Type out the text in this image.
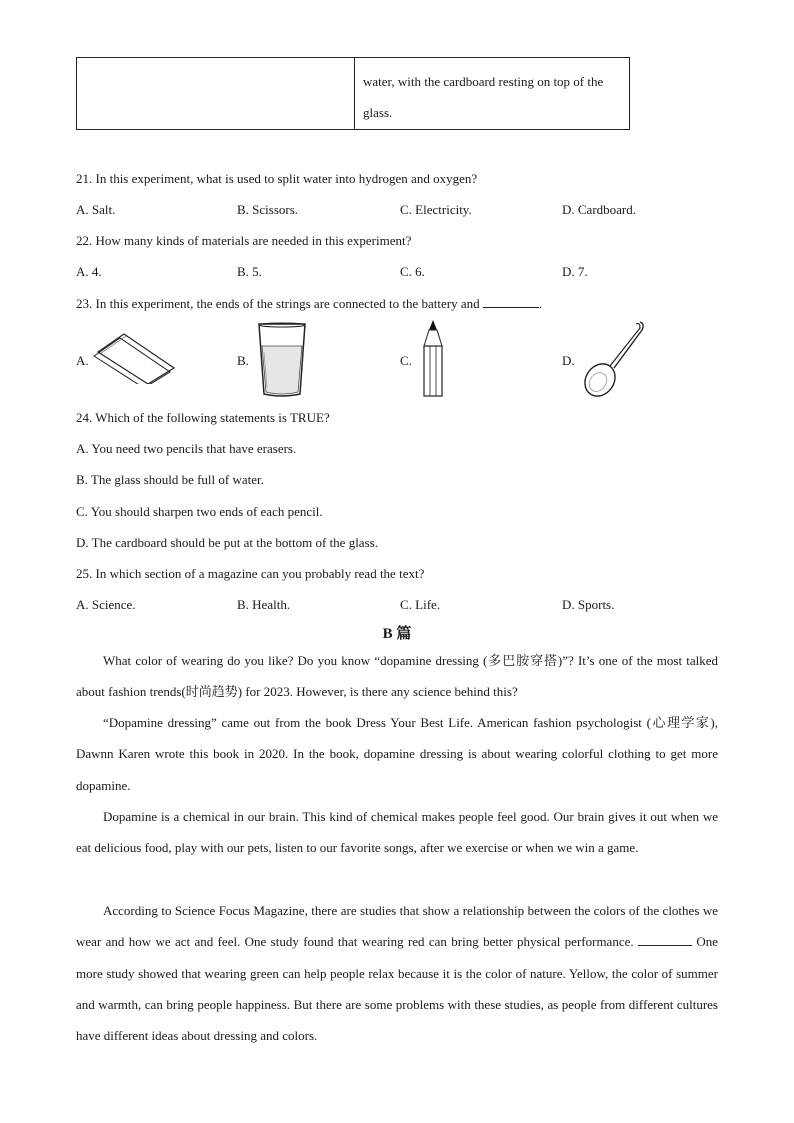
	water, with the cardboard resting on top of the glass.
21. In this experiment, what is used to split water into hydrogen and oxygen?
A. Salt.	B. Scissors.	C. Electricity.	D. Cardboard.
22. How many kinds of materials are needed in this experiment?
A. 4.	B. 5.	C. 6.	D. 7.
23. In this experiment, the ends of the strings are connected to the battery and	.
A.	B.	C.	D.
24. Which of the following statements is TRUE?
A. You need two pencils that have erasers.
B. The glass should be full of water.
C. You should sharpen two ends of each pencil.
D. The cardboard should be put at the bottom of the glass.
25. In which section of a magazine can you probably read the text?
A. Science.	B. Health.	C. Life.	D. Sports.
B 篇
What color of wearing do you like? Do you know “dopamine dressing (多巴胺穿搭)”? It’s one of the most talked about fashion trends(时尚趋势) for 2023. However, is there any science behind this?
“Dopamine dressing” came out from the book Dress Your Best Life. American fashion psychologist (心理学家), Dawnn Karen wrote this book in 2020. In the book, dopamine dressing is about wearing colorful clothing to get more dopamine.
Dopamine is a chemical in our brain. This kind of chemical makes people feel good. Our brain gives it out when we eat delicious food, play with our pets, listen to our favorite songs, after we exercise or when we win a game.
According to Science Focus Magazine, there are studies that show a relationship between the colors of the clothes we wear and how we act and feel. One study found that wearing red can bring better physical performance.	One more study showed that wearing green can help people relax because it is the color of nature. Yellow, the color of summer and warmth, can bring people happiness. But there are some problems with these studies, as people from different cultures have different ideas about dressing and colors.
